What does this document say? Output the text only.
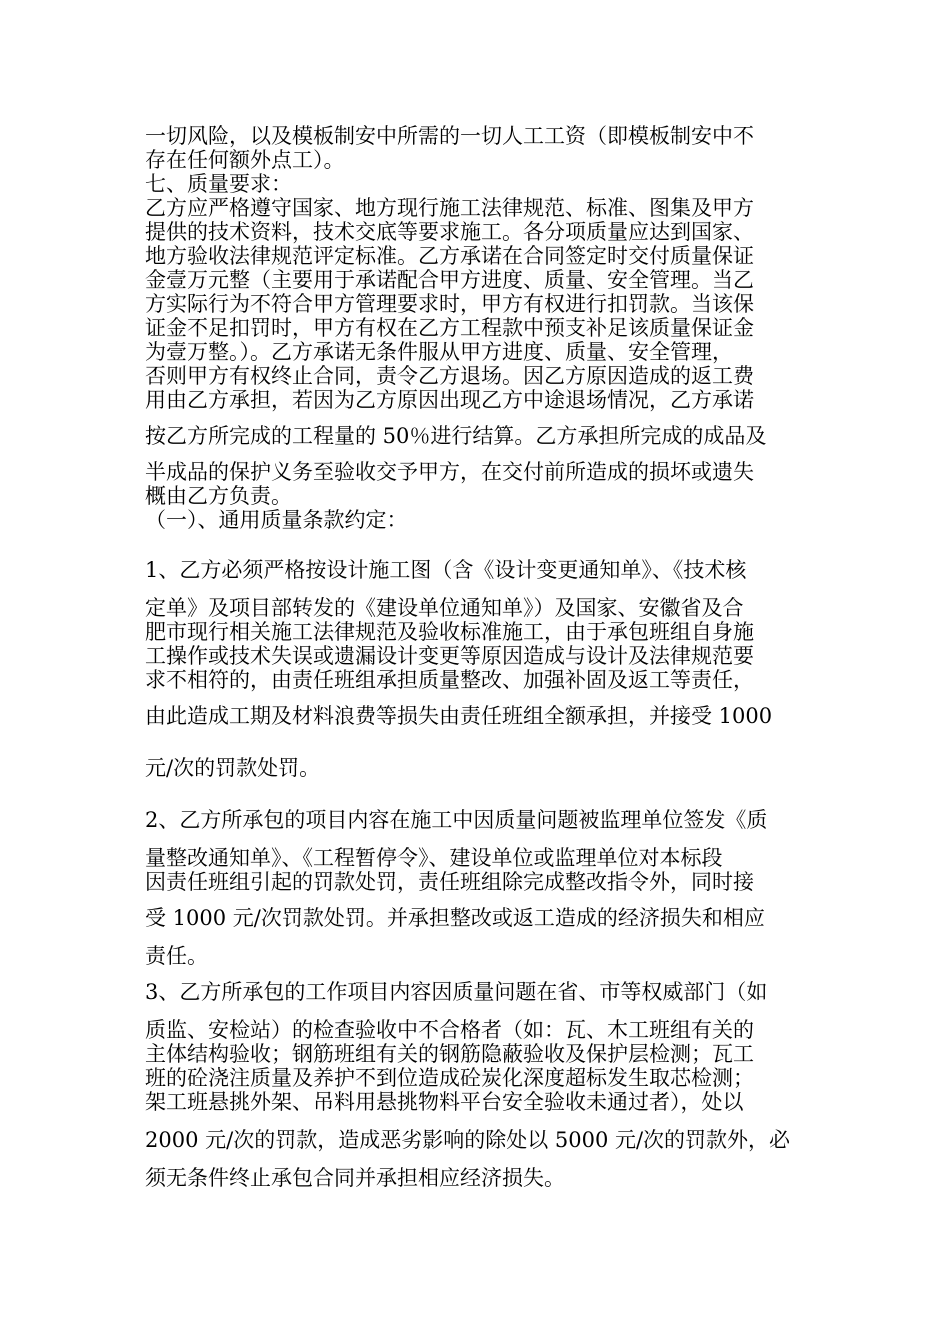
一切风险，以及模板制安中所需的一切人工工资（即模板制安中不
存在任何额外点工）。
七、质量要求：
乙方应严格遵守国家、地方现行施工法律规范、标准、图集及甲方
提供的技术资料，技术交底等要求施工。各分项质量应达到国家、
地方验收法律规范评定标准。乙方承诺在合同签定时交付质量保证
金壹万元整（主要用于承诺配合甲方进度、质量、安全管理。当乙
方实际行为不符合甲方管理要求时，甲方有权进行扣罚款。当该保
证金不足扣罚时，甲方有权在乙方工程款中预支补足该质量保证金
为壹万整。）。乙方承诺无条件服从甲方进度、质量、安全管理，
否则甲方有权终止合同，责令乙方退场。因乙方原因造成的返工费
用由乙方承担，若因为乙方原因出现乙方中途退场情况，乙方承诺
按乙方所完成的工程量的 50％进行结算。乙方承担所完成的成品及
半成品的保护义务至验收交予甲方，在交付前所造成的损坏或遗失
概由乙方负责。
（一）、通用质量条款约定：
1、乙方必须严格按设计施工图（含《设计变更通知单》、《技术核
定单》及项目部转发的《建设单位通知单》）及国家、安徽省及合
肥市现行相关施工法律规范及验收标准施工，由于承包班组自身施
工操作或技术失误或遗漏设计变更等原因造成与设计及法律规范要
求不相符的，由责任班组承担质量整改、加强补固及返工等责任，
由此造成工期及材料浪费等损失由责任班组全额承担，并接受 1000
元/次的罚款处罚。
2、乙方所承包的项目内容在施工中因质量问题被监理单位签发《质
量整改通知单》、《工程暂停令》、建设单位或监理单位对本标段
因责任班组引起的罚款处罚，责任班组除完成整改指令外，同时接
受 1000 元/次罚款处罚。并承担整改或返工造成的经济损失和相应
责任。
3、乙方所承包的工作项目内容因质量问题在省、市等权威部门（如
质监、安检站）的检查验收中不合格者（如：瓦、木工班组有关的
主体结构验收；钢筋班组有关的钢筋隐蔽验收及保护层检测；瓦工
班的砼浇注质量及养护不到位造成砼炭化深度超标发生取芯检测；
架工班悬挑外架、吊料用悬挑物料平台安全验收未通过者），处以
2000 元/次的罚款，造成恶劣影响的除处以 5000 元/次的罚款外，必
须无条件终止承包合同并承担相应经济损失。
